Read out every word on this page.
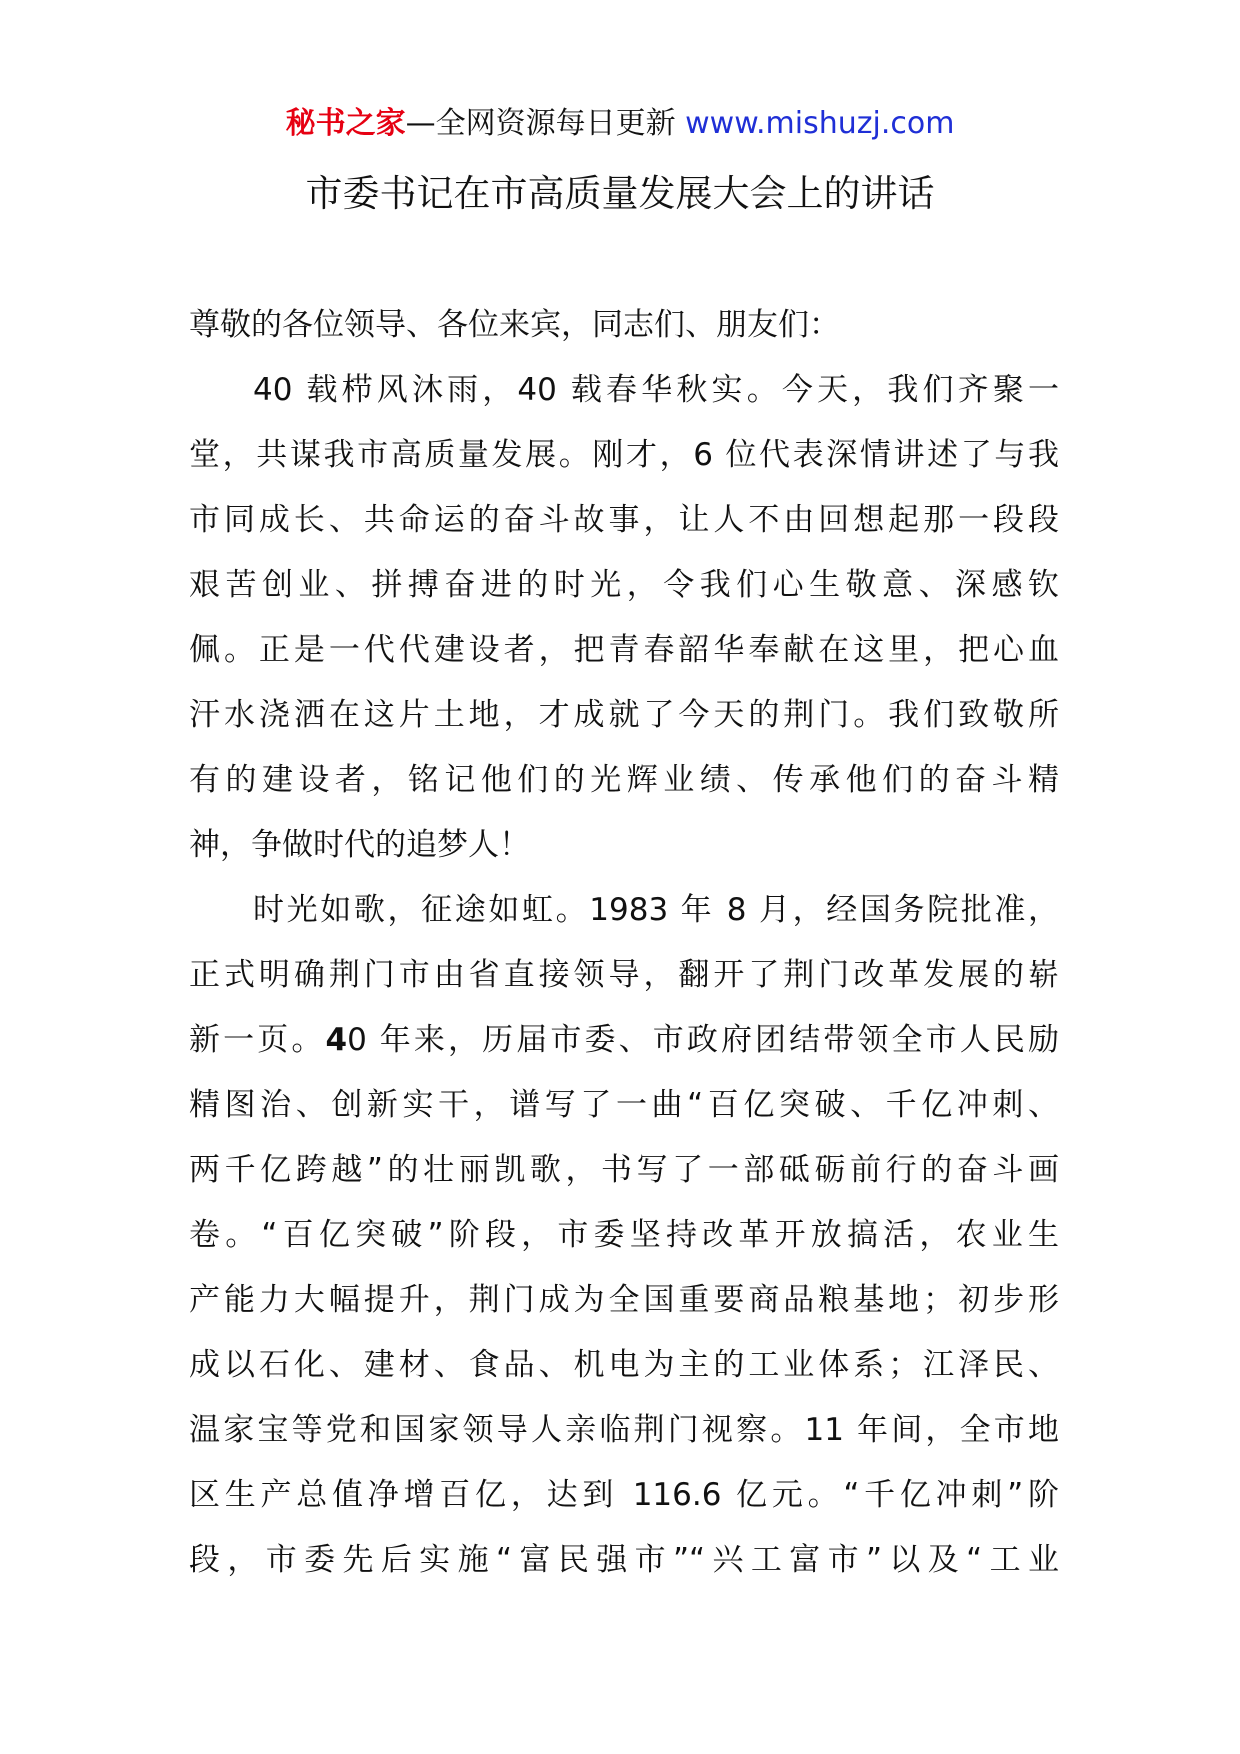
秘书之家—全网资源每日更新 www.mishuzj.com
市委书记在市高质量发展大会上的讲话
尊敬的各位领导、各位来宾，同志们、朋友们：
40 载栉风沐雨，40 载春华秋实。今天，我们齐聚一
堂，共谋我市高质量发展。刚才，6 位代表深情讲述了与我
市同成长、共命运的奋斗故事，让人不由回想起那一段段
艰苦创业、拼搏奋进的时光，令我们心生敬意、深感钦
佩。正是一代代建设者，把青春韶华奉献在这里，把心血
汗水浇洒在这片土地，才成就了今天的荆门。我们致敬所
有的建设者，铭记他们的光辉业绩、传承他们的奋斗精
神，争做时代的追梦人！
时光如歌，征途如虹。1983 年 8 月，经国务院批准，
正式明确荆门市由省直接领导，翻开了荆门改革发展的崭
新一页。40 年来，历届市委、市政府团结带领全市人民励
精图治、创新实干，谱写了一曲“百亿突破、千亿冲刺、
两千亿跨越”的壮丽凯歌，书写了一部砥砺前行的奋斗画
卷。“百亿突破”阶段，市委坚持改革开放搞活，农业生
产能力大幅提升，荆门成为全国重要商品粮基地；初步形
成以石化、建材、食品、机电为主的工业体系；江泽民、
温家宝等党和国家领导人亲临荆门视察。11 年间，全市地
区生产总值净增百亿，达到 116.6 亿元。“千亿冲刺”阶
段，市委先后实施“富民强市”“兴工富市”以及“工业
